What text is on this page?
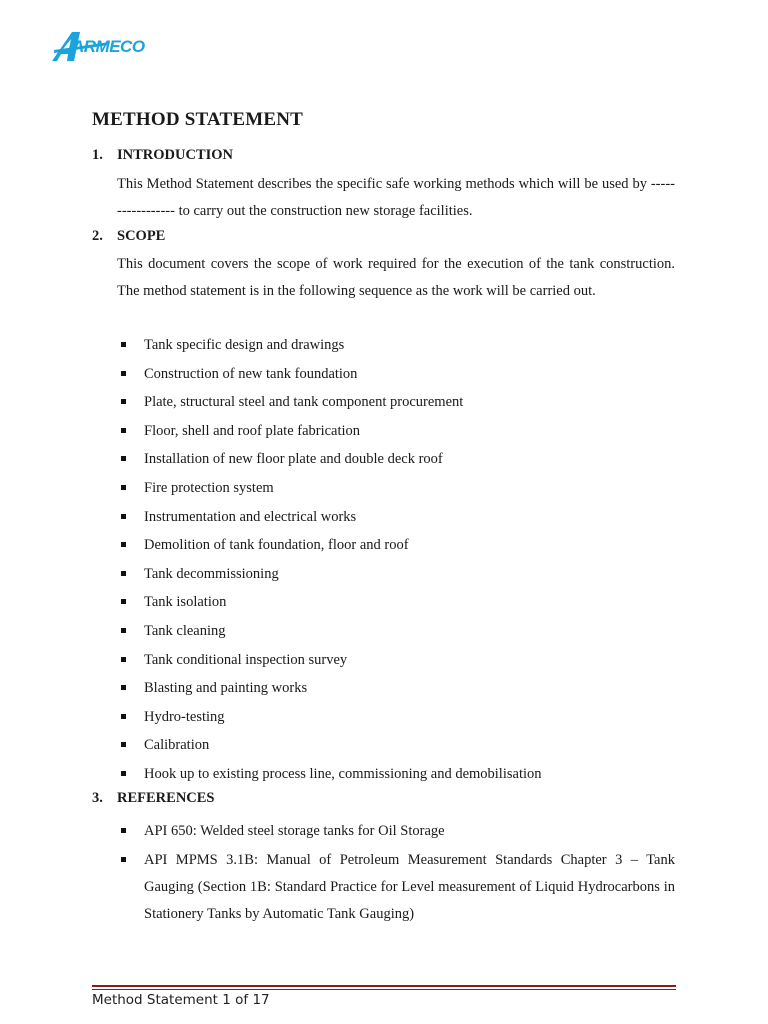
ARMECO
METHOD STATEMENT
1. INTRODUCTION
This Method Statement describes the specific safe working methods which will be used by ----------------- to carry out the construction new storage facilities.
2. SCOPE
This document covers the scope of work required for the execution of the tank construction. The method statement is in the following sequence as the work will be carried out.
Tank specific design and drawings
Construction of new tank foundation
Plate, structural steel and tank component procurement
Floor, shell and roof plate fabrication
Installation of new floor plate and double deck roof
Fire protection system
Instrumentation and electrical works
Demolition of tank foundation, floor and roof
Tank decommissioning
Tank isolation
Tank cleaning
Tank conditional inspection survey
Blasting and painting works
Hydro-testing
Calibration
Hook up to existing process line, commissioning and demobilisation
3. REFERENCES
API 650: Welded steel storage tanks for Oil Storage
API MPMS 3.1B: Manual of Petroleum Measurement Standards Chapter 3 – Tank Gauging (Section 1B: Standard Practice for Level measurement of Liquid Hydrocarbons in Stationery Tanks by Automatic Tank Gauging)
Method Statement 1 of 17
